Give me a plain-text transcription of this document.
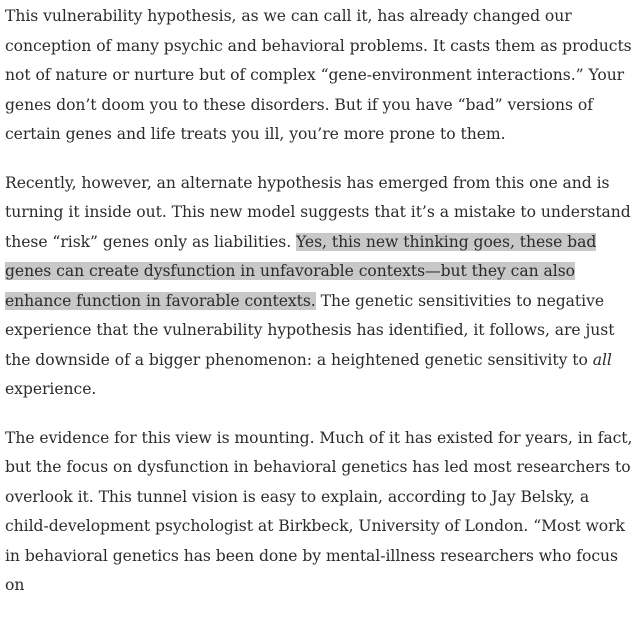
This vulnerability hypothesis, as we can call it, has already changed our conception of many psychic and behavioral problems. It casts them as products not of nature or nurture but of complex “gene-environment interactions.” Your genes don’t doom you to these disorders. But if you have “bad” versions of certain genes and life treats you ill, you’re more prone to them.

Recently, however, an alternate hypothesis has emerged from this one and is turning it inside out. This new model suggests that it’s a mistake to understand these “risk” genes only as liabilities. Yes, this new thinking goes, these bad genes can create dysfunction in unfavorable contexts—but they can also enhance function in favorable contexts. The genetic sensitivities to negative experience that the vulnerability hypothesis has identified, it follows, are just the downside of a bigger phenomenon: a heightened genetic sensitivity to all experience.

The evidence for this view is mounting. Much of it has existed for years, in fact, but the focus on dysfunction in behavioral genetics has led most researchers to overlook it. This tunnel vision is easy to explain, according to Jay Belsky, a child-development psychologist at Birkbeck, University of London. “Most work in behavioral genetics has been done by mental-illness researchers who focus on
